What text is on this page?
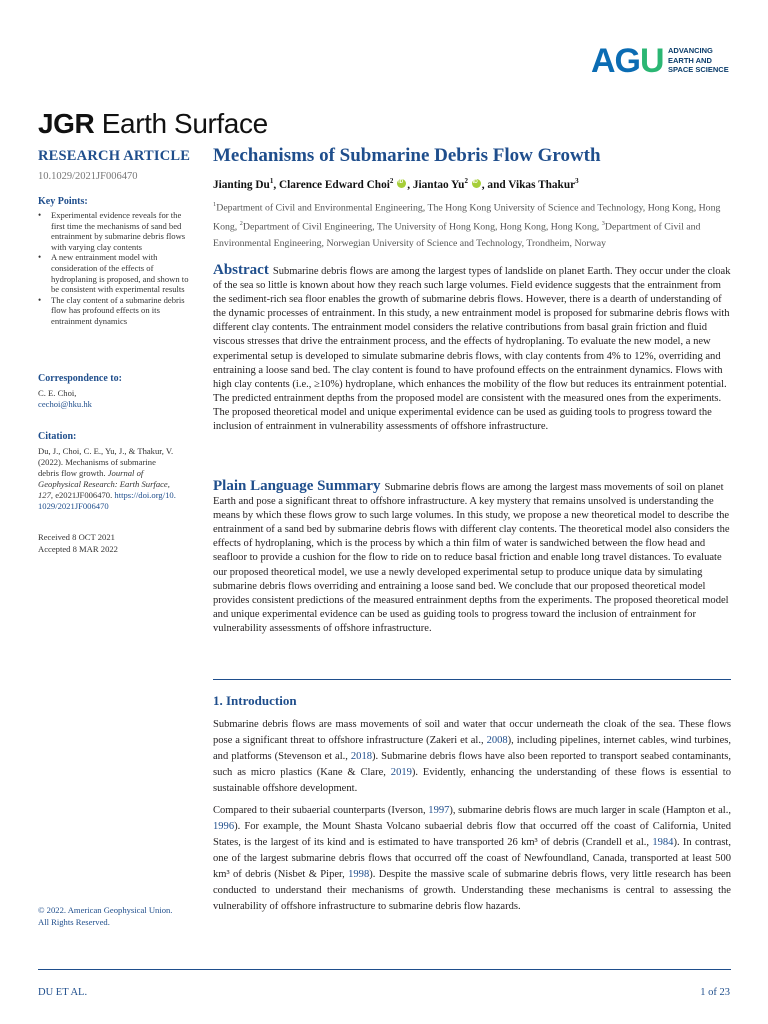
AGU ADVANCING
EARTH AND
SPACE SCIENCE
JGR Earth Surface
RESEARCH ARTICLE
10.1029/2021JF006470
Key Points:
• Experimental evidence reveals for the first time the mechanisms of sand bed entrainment by submarine debris flows with varying clay contents
• A new entrainment model with consideration of the effects of hydroplaning is proposed, and shown to be consistent with experimental results
• The clay content of a submarine debris flow has profound effects on its entrainment dynamics
Correspondence to:
C. E. Choi,
cechoi@hku.hk
Citation:
Du, J., Choi, C. E., Yu, J., & Thakur, V. (2022). Mechanisms of submarine debris flow growth. Journal of Geophysical Research: Earth Surface, 127, e2021JF006470. https://doi.org/10.1029/2021JF006470
Received 8 OCT 2021
Accepted 8 MAR 2022
© 2022. American Geophysical Union.
All Rights Reserved.
Mechanisms of Submarine Debris Flow Growth
Jianting Du$^1$, Clarence Edward Choi$^2$ iD , Jiantao Yu$^2$ iD , and Vikas Thakur$^3$
$^1$Department of Civil and Environmental Engineering, The Hong Kong University of Science and Technology, Hong Kong, Hong Kong, $^2$Department of Civil Engineering, The University of Hong Kong, Hong Kong, Hong Kong, $^3$Department of Civil and Environmental Engineering, Norwegian University of Science and Technology, Trondheim, Norway
Abstract Submarine debris flows are among the largest types of landslide on planet Earth. They occur under the cloak of the sea so little is known about how they reach such large volumes. Field evidence suggests that the entrainment from the sediment-rich sea floor enables the growth of submarine debris flows. However, there is a dearth of understanding of the dynamic processes of entrainment. In this study, a new entrainment model is proposed for submarine debris flows with different clay contents. The entrainment model considers the relative contributions from basal grain friction and fluid viscous stresses that drive the entrainment process, and the effects of hydroplaning. To evaluate the new model, a new experimental setup is developed to simulate submarine debris flows, with clay contents from 4% to 12%, overriding and entraining a loose sand bed. The clay content is found to have profound effects on the entrainment dynamics. Flows with high clay contents (i.e., ≥10%) hydroplane, which enhances the mobility of the flow but reduces its entrainment potential.
The predicted entrainment depths from the proposed model are consistent with the measured ones from the experiments. The proposed theoretical model and unique experimental evidence can be used as guiding tools to progress toward the inclusion of entrainment in vulnerability assessments of offshore infrastructure.
Plain Language Summary Submarine debris flows are among the largest mass movements of soil on planet Earth and pose a significant threat to offshore infrastructure. A key mystery that remains unsolved is understanding the means by which these flows grow to such large volumes. In this study, we propose a new theoretical model to describe the entrainment of a sand bed by submarine debris flows with different clay contents. The theoretical model also considers the effects of hydroplaning, which is the process by which a thin film of water is sandwiched between the flow head and seafloor to provide a cushion for the flow to ride on to reduce basal friction and enable long travel distances. To evaluate our proposed theoretical model, we use a newly developed experimental setup to produce unique data by simulating submarine debris flows overriding and entraining a loose sand bed. We conclude that our proposed theoretical model provides consistent predictions of the measured entrainment depths from the experiments. The proposed theoretical model and unique experimental evidence can be used as guiding tools to progress toward the inclusion of entrainment for vulnerability assessments of offshore infrastructure.
1. Introduction
Submarine debris flows are mass movements of soil and water that occur underneath the cloak of the sea. These flows pose a significant threat to offshore infrastructure (Zakeri et al., 2008), including pipelines, internet cables, wind turbines, and platforms (Stevenson et al., 2018). Submarine debris flows have also been reported to transport seabed contaminants, such as micro plastics (Kane & Clare, 2019). Evidently, enhancing the understanding of these flows is essential to sustainable offshore development.
Compared to their subaerial counterparts (Iverson, 1997), submarine debris flows are much larger in scale (Hampton et al., 1996). For example, the Mount Shasta Volcano subaerial debris flow that occurred off the coast of California, United States, is the largest of its kind and is estimated to have transported 26 km³ of debris (Crandell et al., 1984). In contrast, one of the largest submarine debris flows that occurred off the coast of Newfoundland, Canada, transported at least 500 km³ of debris (Nisbet & Piper, 1998). Despite the massive scale of submarine debris flows, very little research has been conducted to understand their mechanisms of growth. Understanding these mechanisms is central to assessing the vulnerability of offshore infrastructure to submarine debris flow hazards.
DU ET AL.	1 of 23
